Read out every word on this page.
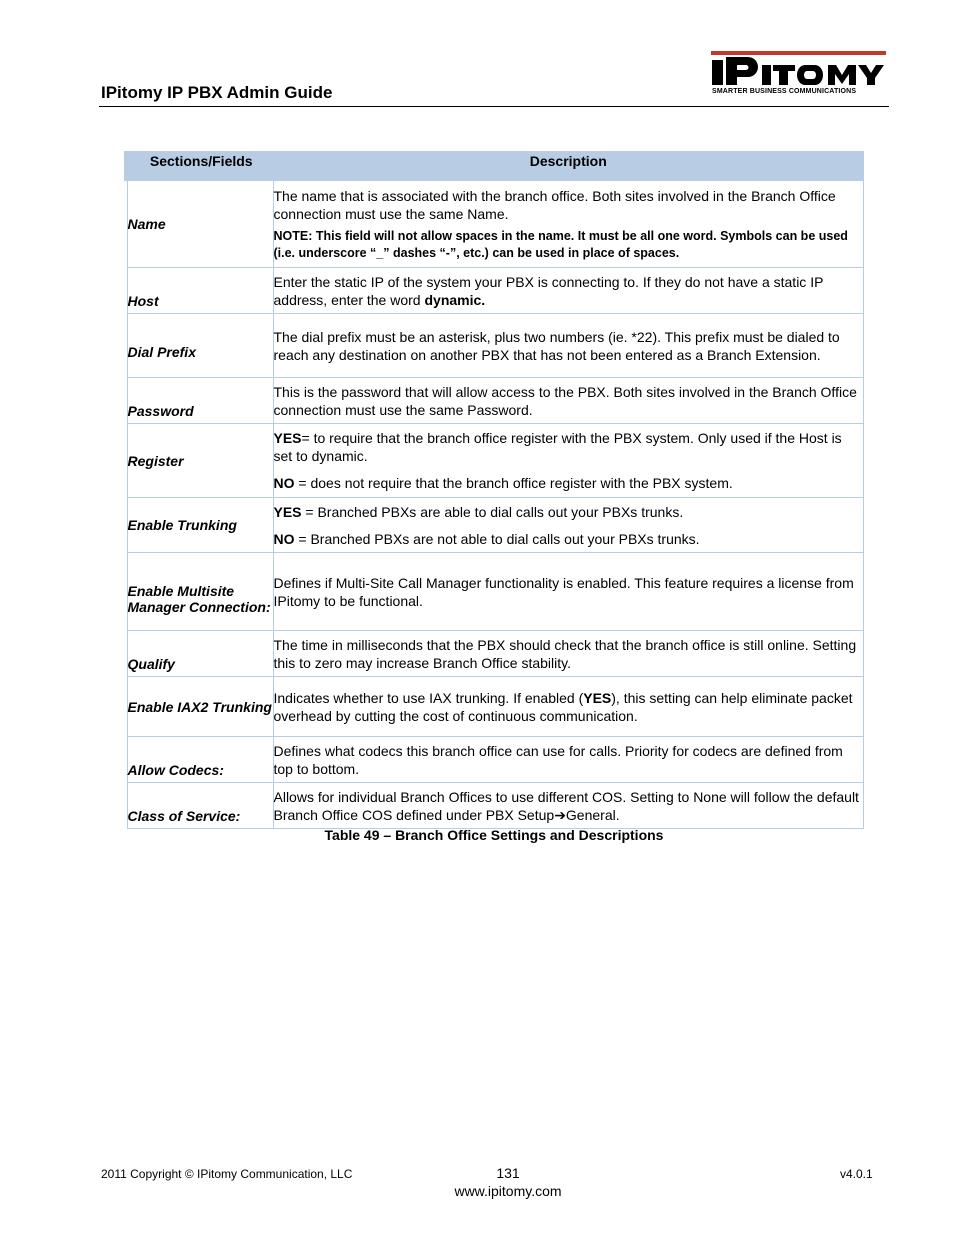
IPitomy IP PBX Admin Guide	SMARTER BUSINESS COMMUNICATIONS
Sections/Fields	Description
Name	The name that is associated with the branch office. Both sites involved in the Branch Office connection must use the same Name.
NOTE: This field will not allow spaces in the name. It must be all one word. Symbols can be used (i.e. underscore “_” dashes “-”, etc.) can be used in place of spaces.

Host	Enter the static IP of the system your PBX is connecting to. If they do not have a static IP address, enter the word dynamic.
Dial Prefix	The dial prefix must be an asterisk, plus two numbers (ie. *22). This prefix must be dialed to reach any destination on another PBX that has not been entered as a Branch Extension.
Password	This is the password that will allow access to the PBX. Both sites involved in the Branch Office connection must use the same Password.
Register	YES= to require that the branch office register with the PBX system. Only used if the Host is set to dynamic.
NO = does not require that the branch office register with the PBX system.

Enable Trunking	YES = Branched PBXs are able to dial calls out your PBXs trunks.
NO = Branched PBXs are not able to dial calls out your PBXs trunks.

Enable Multisite Manager Connection:	Defines if Multi-Site Call Manager functionality is enabled. This feature requires a license from IPitomy to be functional.
Qualify	The time in milliseconds that the PBX should check that the branch office is still online. Setting this to zero may increase Branch Office stability.
Enable IAX2 Trunking	Indicates whether to use IAX trunking. If enabled (YES), this setting can help eliminate packet overhead by cutting the cost of continuous communication.
Allow Codecs:	Defines what codecs this branch office can use for calls. Priority for codecs are defined from top to bottom.
Class of Service:	Allows for individual Branch Offices to use different COS. Setting to None will follow the default Branch Office COS defined under PBX Setup➔General.
Table 49 – Branch Office Settings and Descriptions
2011 Copyright © IPitomy Communication, LLC	131
www.ipitomy.com
v4.0.1
